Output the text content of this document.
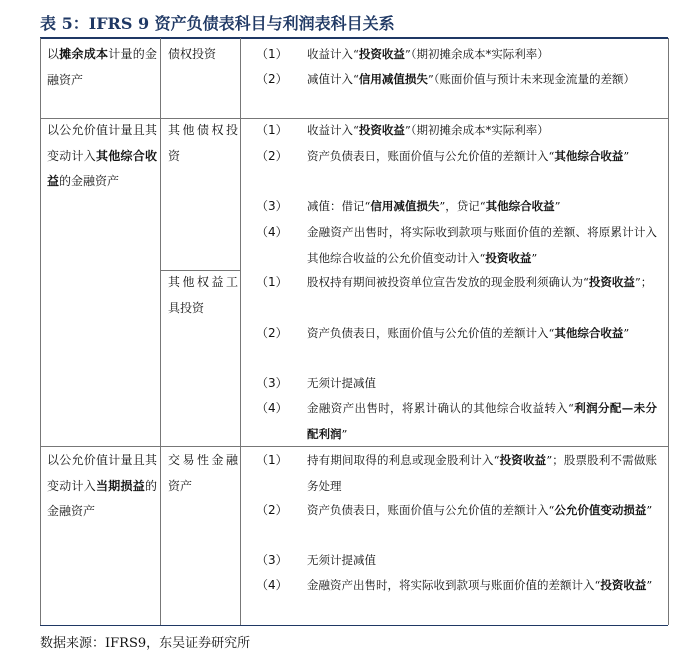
表 5：IFRS 9 资产负债表科目与利润表科目关系
以摊余成本计量的金融资产
债权投资	（1） 收益计入“投资收益”（期初摊余成本*实际利率）
（2） 减值计入“信用减值损失”（账面价值与预计未来现金流量的差额）
以公允价值计量且其变动计入其他综合收益的金融资产
其他债权投资
（1） 收益计入“投资收益”（期初摊余成本*实际利率）
（2） 资产负债表日，账面价值与公允价值的差额计入“其他综合收益”
（3） 减值：借记“信用减值损失”，贷记“其他综合收益”
（4） 金融资产出售时，将实际收到款项与账面价值的差额、将原累计计入其他综合收益的公允价值变动计入“投资收益”
其他权益工具投资
（1） 股权持有期间被投资单位宣告发放的现金股利须确认为“投资收益”；
（2） 资产负债表日，账面价值与公允价值的差额计入“其他综合收益”
（3） 无须计提减值
（4） 金融资产出售时，将累计确认的其他综合收益转入“利润分配—未分配利润”
以公允价值计量且其变动计入当期损益的金融资产
交易性金融资产
（1） 持有期间取得的利息或现金股利计入“投资收益”；股票股利不需做账务处理
（2） 资产负债表日，账面价值与公允价值的差额计入“公允价值变动损益”
（3） 无须计提减值
（4） 金融资产出售时，将实际收到款项与账面价值的差额计入“投资收益”
数据来源：IFRS9，东吴证券研究所
